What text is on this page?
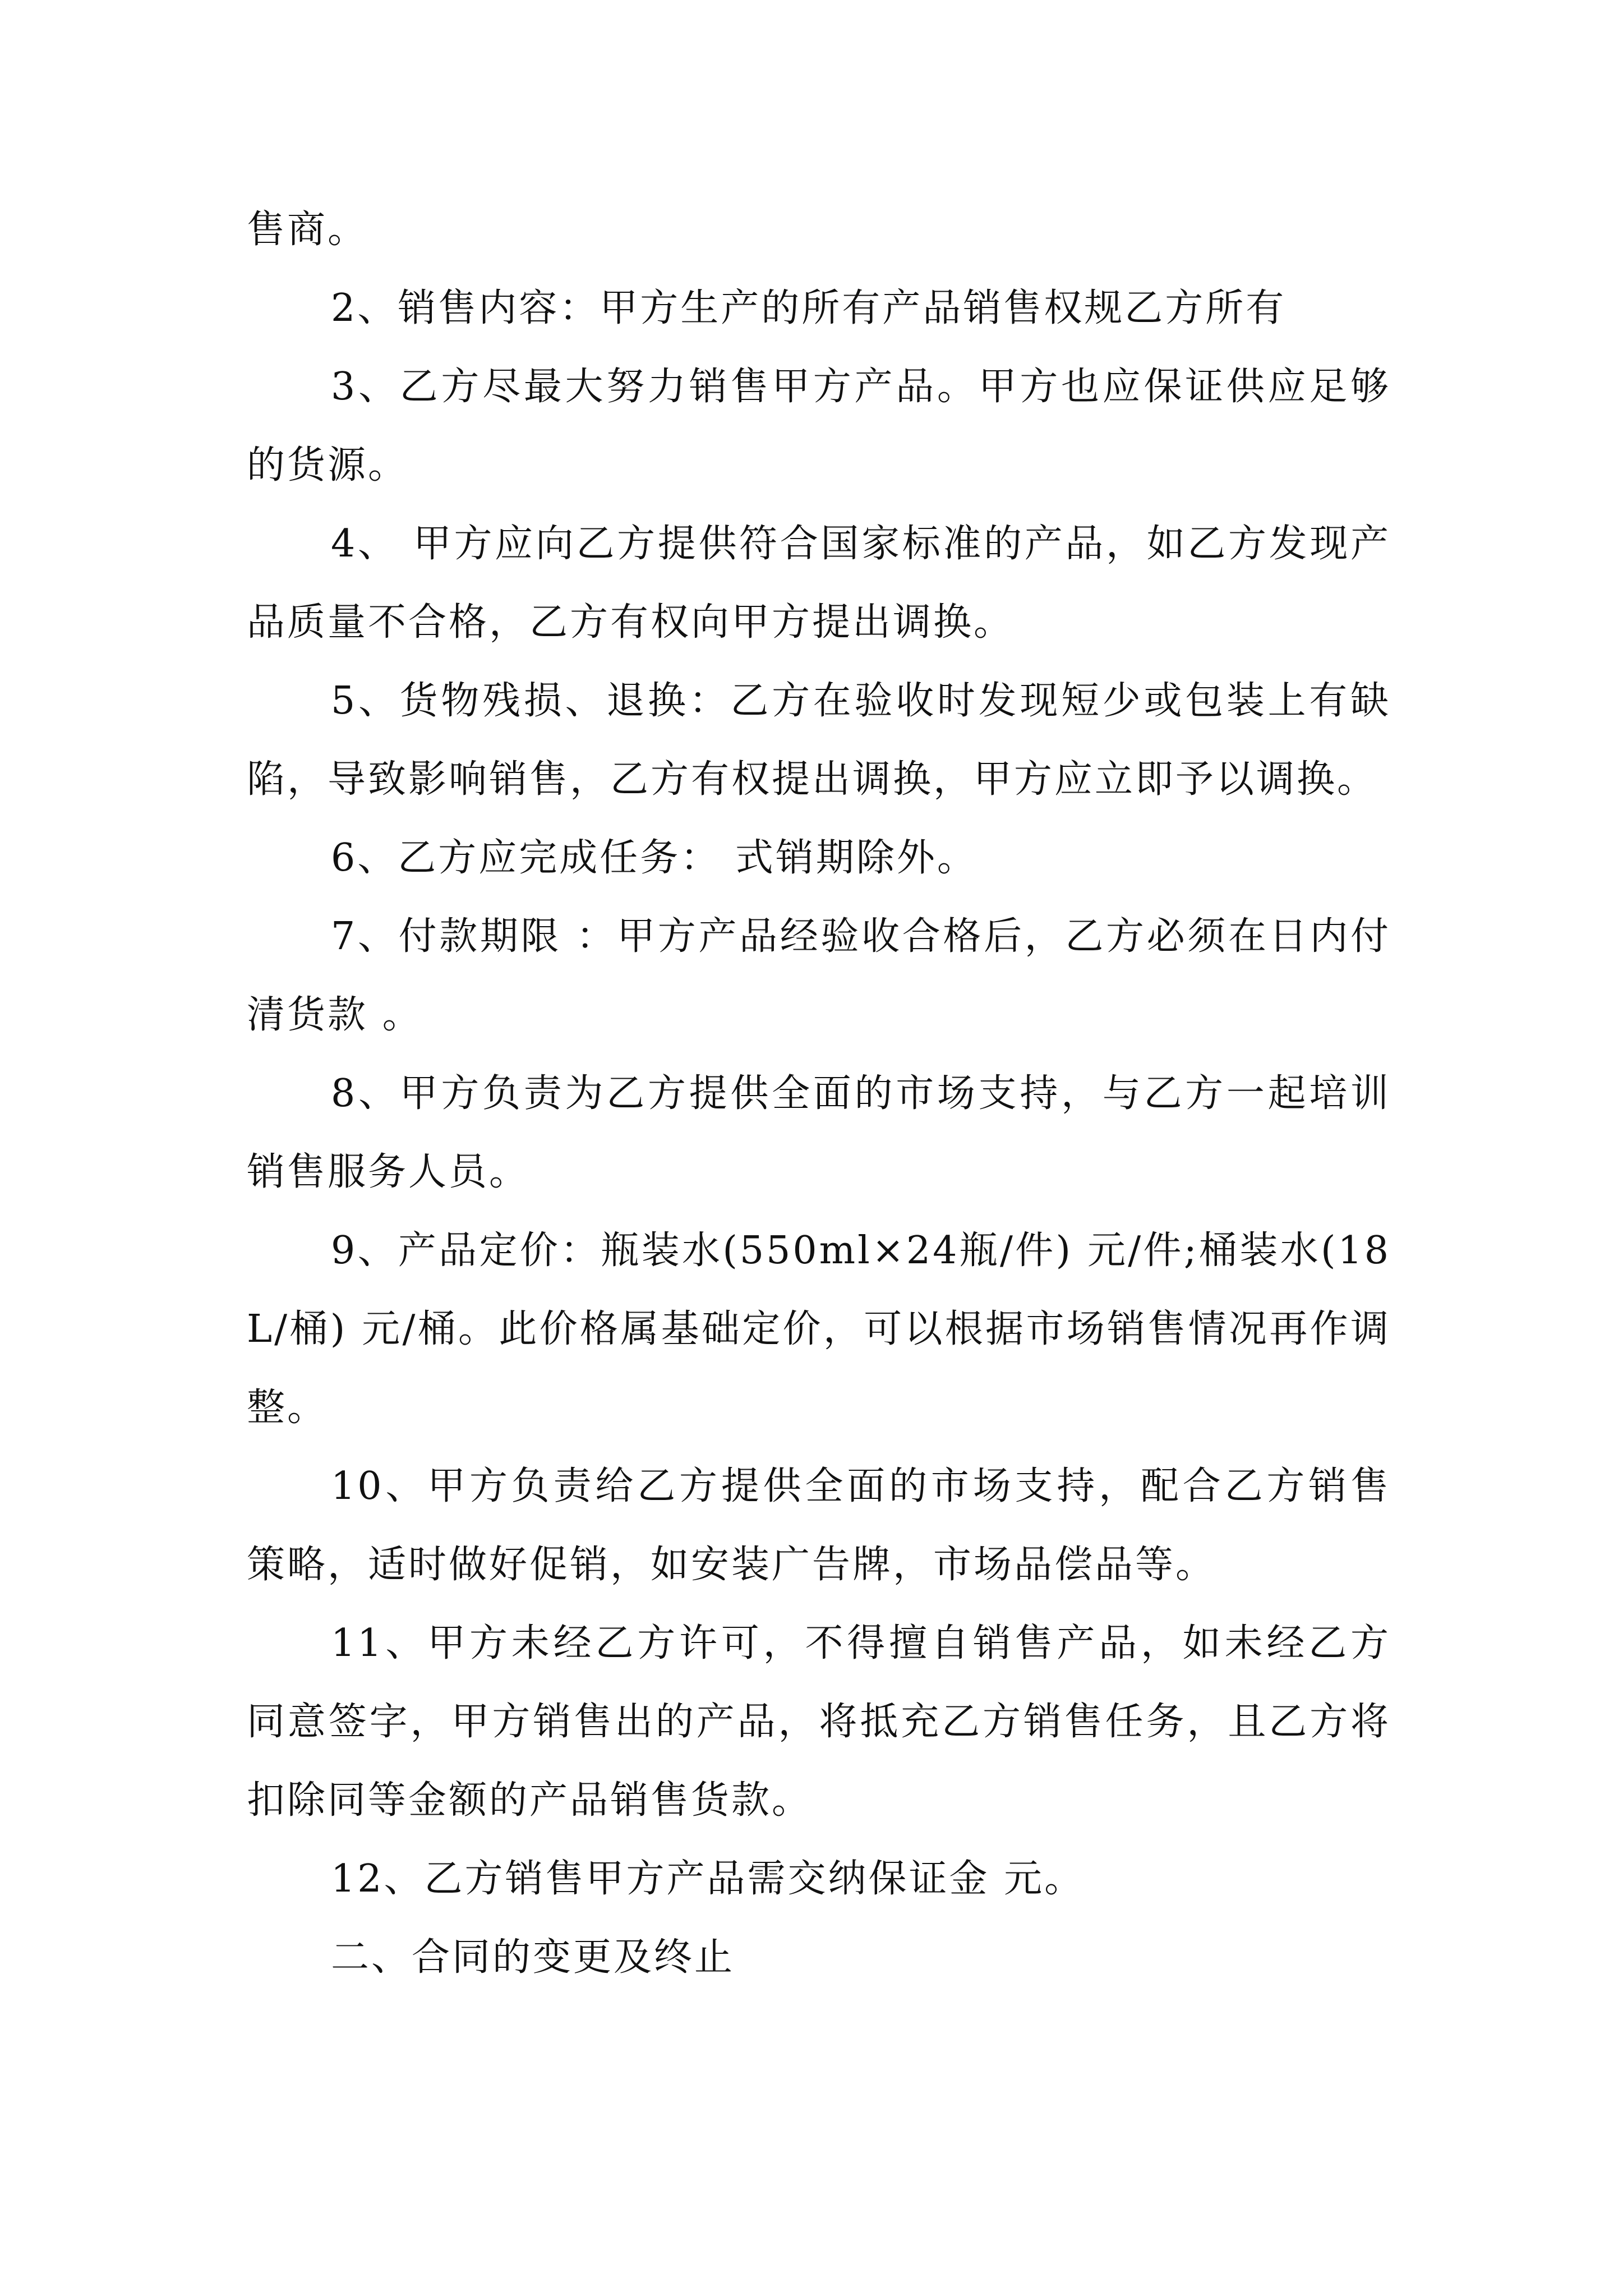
售商。

2、销售内容：甲方生产的所有产品销售权规乙方所有

3、乙方尽最大努力销售甲方产品。甲方也应保证供应足够的货源。

4、 甲方应向乙方提供符合国家标准的产品，如乙方发现产品质量不合格，乙方有权向甲方提出调换。

5、货物残损、退换：乙方在验收时发现短少或包装上有缺陷，导致影响销售，乙方有权提出调换，甲方应立即予以调换。

6、乙方应完成任务： 式销期除外。

7、付款期限 ：甲方产品经验收合格后，乙方必须在日内付清货款 。

8、甲方负责为乙方提供全面的市场支持，与乙方一起培训销售服务人员。

9、产品定价：瓶装水(550ml×24瓶/件) 元/件;桶装水(18L/桶) 元/桶。此价格属基础定价，可以根据市场销售情况再作调整。

10、甲方负责给乙方提供全面的市场支持，配合乙方销售策略，适时做好促销，如安装广告牌，市场品偿品等。

11、甲方未经乙方许可，不得擅自销售产品，如未经乙方同意签字，甲方销售出的产品，将抵充乙方销售任务，且乙方将扣除同等金额的产品销售货款。

12、乙方销售甲方产品需交纳保证金 元。

二、合同的变更及终止
